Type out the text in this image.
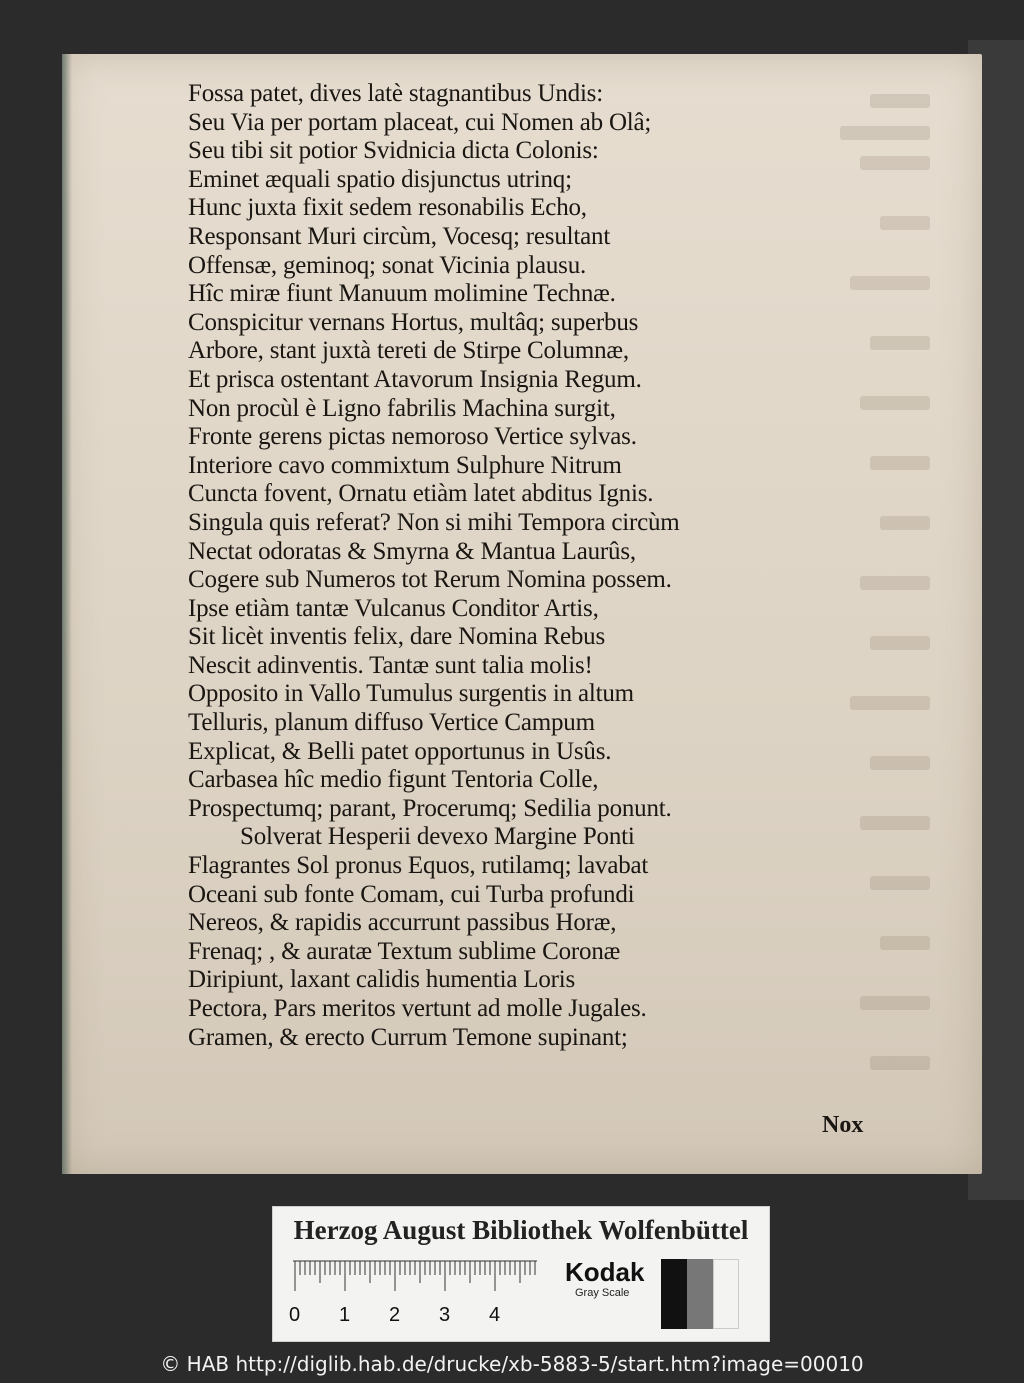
Fossa patet, dives latè stagnantibus Undis:
Seu Via per portam placeat, cui Nomen ab Olâ;
Seu tibi sit potior Svidnicia dicta Colonis:
Eminet æquali spatio disjunctus utrinq;
Hunc juxta fixit sedem resonabilis Echo,
Responsant Muri circùm, Vocesq; resultant
Offensæ, geminoq; sonat Vicinia plausu.
Hîc miræ fiunt Manuum molimine Technæ.
Conspicitur vernans Hortus, multâq; superbus
Arbore, stant juxtà tereti de Stirpe Columnæ,
Et prisca ostentant Atavorum Insignia Regum.
Non procùl è Ligno fabrilis Machina surgit,
Fronte gerens pictas nemoroso Vertice sylvas.
Interiore cavo commixtum Sulphure Nitrum
Cuncta fovent, Ornatu etiàm latet abditus Ignis.
Singula quis referat? Non si mihi Tempora circùm
Nectat odoratas & Smyrna & Mantua Laurûs,
Cogere sub Numeros tot Rerum Nomina possem.
Ipse etiàm tantæ Vulcanus Conditor Artis,
Sit licèt inventis felix, dare Nomina Rebus
Nescit adinventis. Tantæ sunt talia molis!
Opposito in Vallo Tumulus surgentis in altum
Telluris, planum diffuso Vertice Campum
Explicat, & Belli patet opportunus in Usûs.
Carbasea hîc medio figunt Tentoria Colle,
Prospectumq; parant, Procerumq; Sedilia ponunt.
Solverat Hesperii devexo Margine Ponti
Flagrantes Sol pronus Equos, rutilamq; lavabat
Oceani sub fonte Comam, cui Turba profundi
Nereos, & rapidis accurrunt passibus Horæ,
Frenaq; , & auratæ Textum sublime Coronæ
Diripiunt, laxant calidis humentia Loris
Pectora, Pars meritos vertunt ad molle Jugales.
Gramen, & erecto Currum Temone supinant;
Nox
Herzog August Bibliothek Wolfenbüttel
0 1 2 3 4
Kodak
Gray Scale
© HAB http://diglib.hab.de/drucke/xb-5883-5/start.htm?image=00010
